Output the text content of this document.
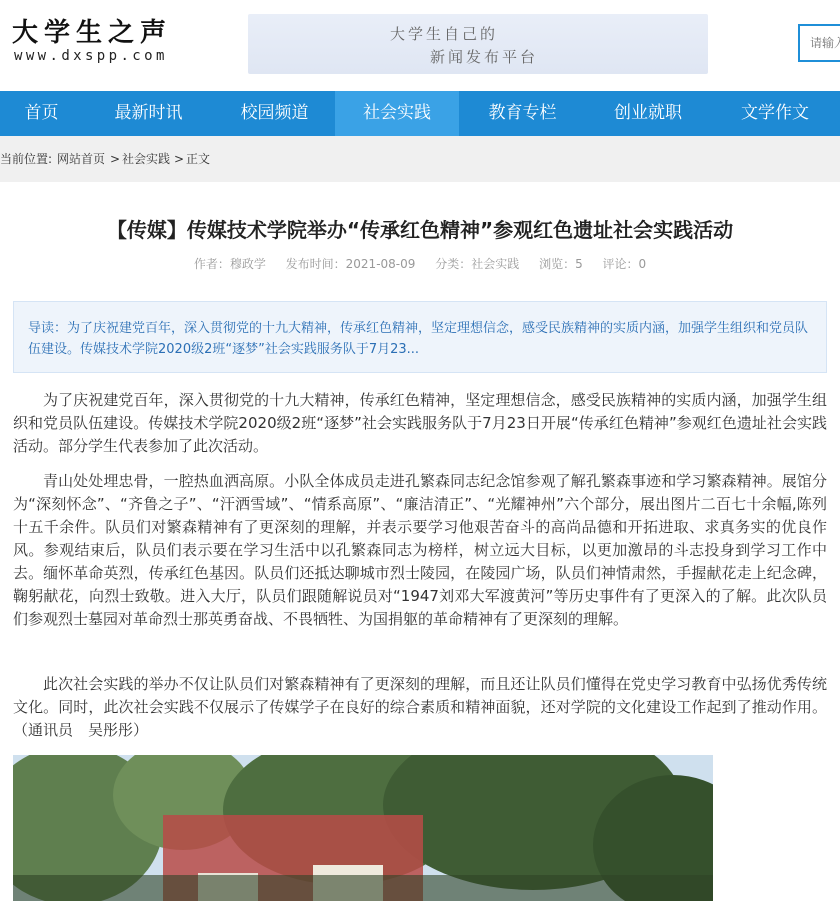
大学生之声
www.dxspp.com
大学生自己的
新闻发布平台
请输入
首页	最新时讯	校园频道	社会实践	教育专栏	创业就职	文学作文
当前位置: 网站首页 > 社会实践 > 正文
【传媒】传媒技术学院举办“传承红色精神”参观红色遗址社会实践活动
作者：穆政学 发布时间：2021-08-09 分类：社会实践 浏览：5 评论：0
导读：为了庆祝建党百年，深入贯彻党的十九大精神，传承红色精神，坚定理想信念，感受民族精神的实质内涵，加强学生组织和党员队伍建设。传媒技术学院2020级2班“逐梦”社会实践服务队于7月23...

为了庆祝建党百年，深入贯彻党的十九大精神，传承红色精神，坚定理想信念，感受民族精神的实质内涵，加强学生组织和党员队伍建设。传媒技术学院2020级2班“逐梦”社会实践服务队于7月23日开展“传承红色精神”参观红色遗址社会实践活动。部分学生代表参加了此次活动。

青山处处埋忠骨，一腔热血洒高原。小队全体成员走进孔繁森同志纪念馆参观了解孔繁森事迹和学习繁森精神。展馆分为“深刻怀念”、“齐鲁之子”、“汗洒雪域”、“情系高原”、“廉洁清正”、“光耀神州”六个部分，展出图片二百七十余幅,陈列十五千余件。队员们对繁森精神有了更深刻的理解，并表示要学习他艰苦奋斗的高尚品德和开拓进取、求真务实的优良作风。参观结束后，队员们表示要在学习生活中以孔繁森同志为榜样，树立远大目标，以更加激昂的斗志投身到学习工作中去。缅怀革命英烈，传承红色基因。队员们还抵达聊城市烈士陵园，在陵园广场，队员们神情肃然，手握献花走上纪念碑，鞠躬献花，向烈士致敬。进入大厅，队员们跟随解说员对“1947刘邓大军渡黄河”等历史事件有了更深入的了解。此次队员们参观烈士墓园对革命烈士那英勇奋战、不畏牺牲、为国捐躯的革命精神有了更深刻的理解。

此次社会实践的举办不仅让队员们对繁森精神有了更深刻的理解，而且还让队员们懂得在党史学习教育中弘扬优秀传统文化。同时，此次社会实践不仅展示了传媒学子在良好的综合素质和精神面貌，还对学院的文化建设工作起到了推动作用。（通讯员　吴彤彤）
